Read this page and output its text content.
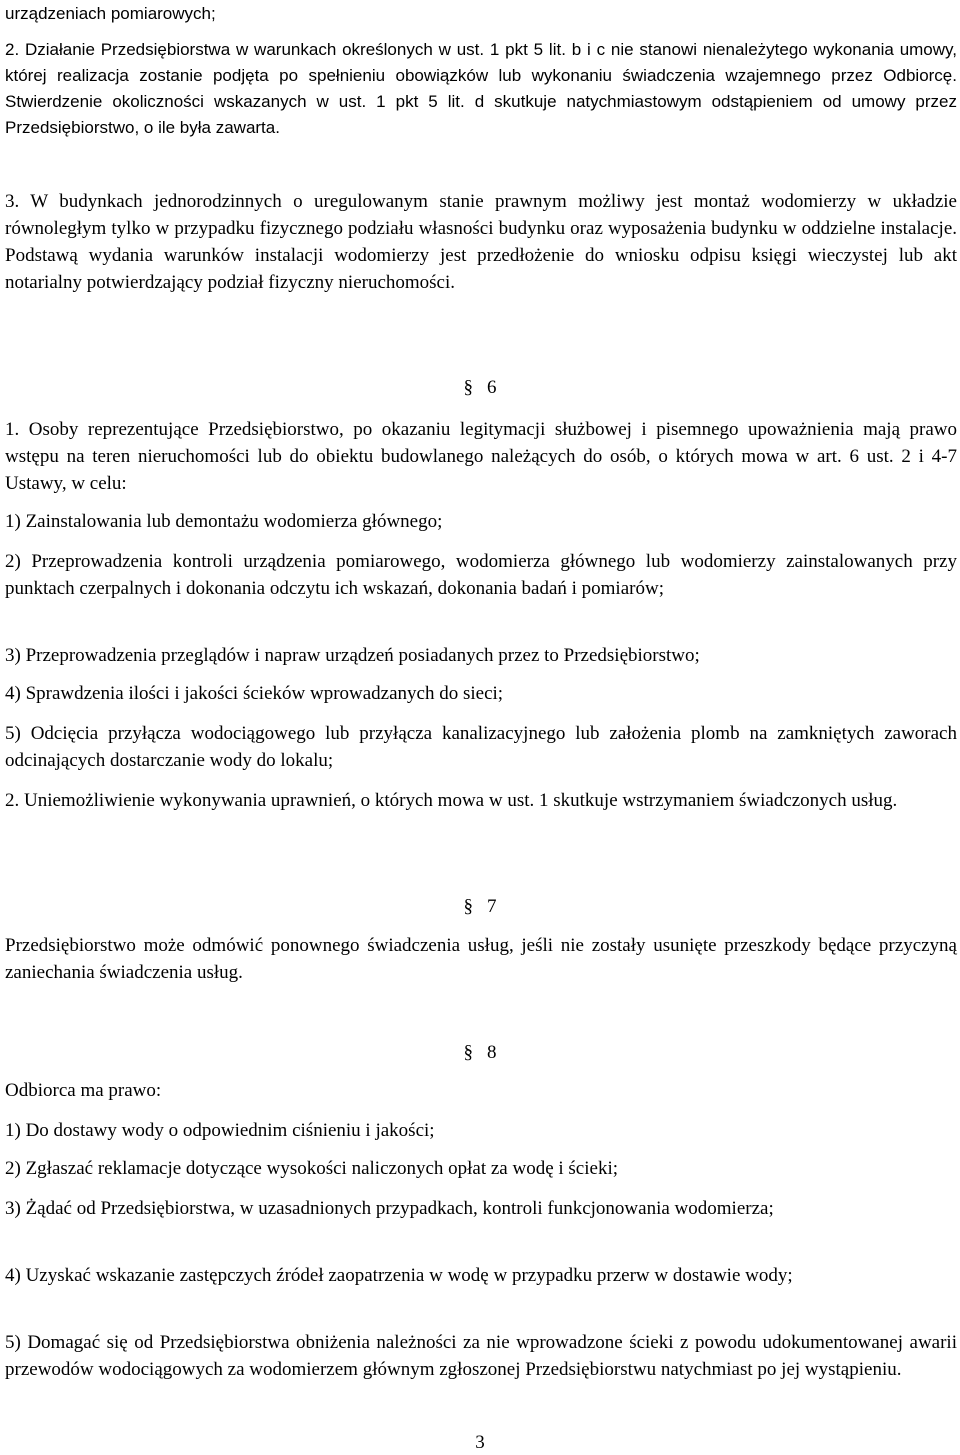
urządzeniach pomiarowych;

2. Działanie Przedsiębiorstwa w warunkach określonych w ust. 1 pkt 5 lit. b i c nie stanowi nienależytego wykonania umowy, której realizacja zostanie podjęta po spełnieniu obowiązków lub wykonaniu świadczenia wzajemnego przez Odbiorcę. Stwierdzenie okoliczności wskazanych w ust. 1 pkt 5 lit. d skutkuje natychmiastowym odstąpieniem od umowy przez Przedsiębiorstwo, o ile była zawarta.

3. W budynkach jednorodzinnych o uregulowanym stanie prawnym możliwy jest montaż wodomierzy w układzie równoległym tylko w przypadku fizycznego podziału własności budynku oraz wyposażenia budynku w oddzielne instalacje. Podstawą wydania warunków instalacji wodomierzy jest przedłożenie do wniosku odpisu księgi wieczystej lub akt notarialny potwierdzający podział fizyczny nieruchomości.

§ 6

1. Osoby reprezentujące Przedsiębiorstwo, po okazaniu legitymacji służbowej i pisemnego upoważnienia mają prawo wstępu na teren nieruchomości lub do obiektu budowlanego należących do osób, o których mowa w art. 6 ust. 2 i 4-7 Ustawy, w celu:

1) Zainstalowania lub demontażu wodomierza głównego;

2) Przeprowadzenia kontroli urządzenia pomiarowego, wodomierza głównego lub wodomierzy zainstalowanych przy punktach czerpalnych i dokonania odczytu ich wskazań, dokonania badań i pomiarów;

3) Przeprowadzenia przeglądów i napraw urządzeń posiadanych przez to Przedsiębiorstwo;

4) Sprawdzenia ilości i jakości ścieków wprowadzanych do sieci;

5) Odcięcia przyłącza wodociągowego lub przyłącza kanalizacyjnego lub założenia plomb na zamkniętych zaworach odcinających dostarczanie wody do lokalu;

2. Uniemożliwienie wykonywania uprawnień, o których mowa w ust. 1 skutkuje wstrzymaniem świadczonych usług.

§ 7

Przedsiębiorstwo może odmówić ponownego świadczenia usług, jeśli nie zostały usunięte przeszkody będące przyczyną zaniechania świadczenia usług.

§ 8

Odbiorca ma prawo:

1) Do dostawy wody o odpowiednim ciśnieniu i jakości;

2) Zgłaszać reklamacje dotyczące wysokości naliczonych opłat za wodę i ścieki;

3) Żądać od Przedsiębiorstwa, w uzasadnionych przypadkach, kontroli funkcjonowania wodomierza;

4) Uzyskać wskazanie zastępczych źródeł zaopatrzenia w wodę w przypadku przerw w dostawie wody;

5) Domagać się od Przedsiębiorstwa obniżenia należności za nie wprowadzone ścieki z powodu udokumentowanej awarii przewodów wodociągowych za wodomierzem głównym zgłoszonej Przedsiębiorstwu natychmiast po jej wystąpieniu.

3
